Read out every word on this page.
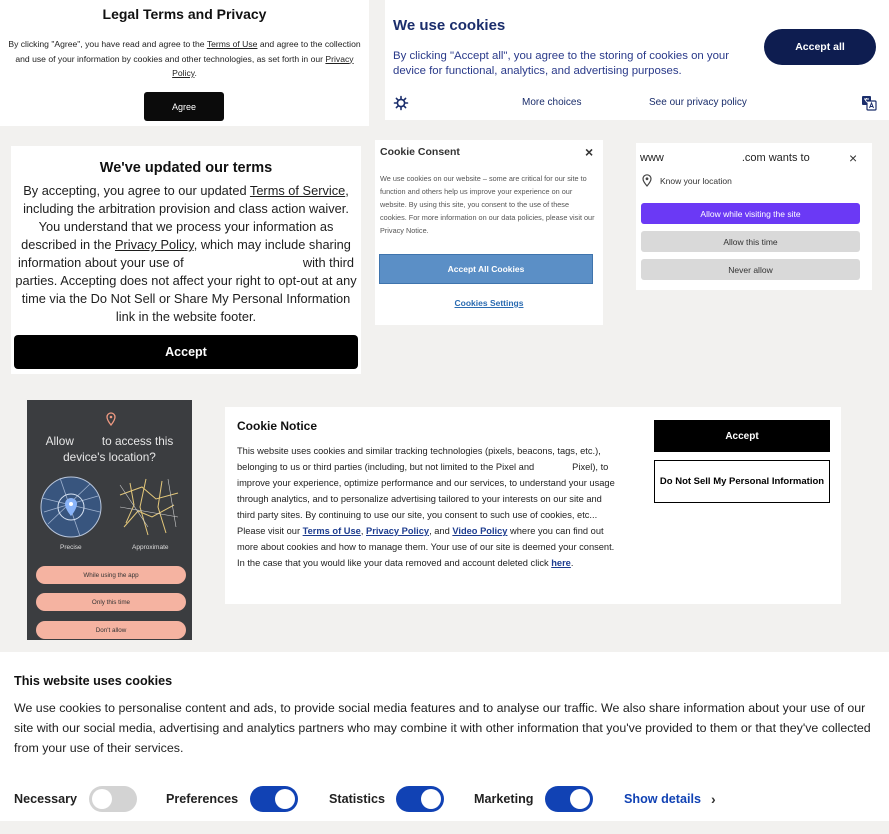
Legal Terms and Privacy
By clicking "Agree", you have read and agree to the Terms of Use and agree to the collection and use of your information by cookies and other technologies, as set forth in our Privacy Policy.
Agree
We use cookies
By clicking "Accept all", you agree to the storing of cookies on your device for functional, analytics, and advertising purposes.
Accept all
More choices	See our privacy policy
We've updated our terms
By accepting, you agree to our updated Terms of Service, including the arbitration provision and class action waiver. You understand that we process your information as described in the Privacy Policy, which may include sharing information about your use of	with third parties. Accepting does not affect your right to opt-out at any time via the Do Not Sell or Share My Personal Information link in the website footer.
Accept
Cookie Consent	×
We use cookies on our website – some are critical for our site to function and others help us improve your experience on our website. By using this site, you consent to the use of these cookies. For more information on our data policies, please visit our Privacy Notice.
Accept All Cookies
Cookies Settings
www	.com wants to	×
Know your location
Allow while visiting the site
Allow this time
Never allow
Allow to access this
device's location?
Precise	Approximate
While using the app
Only this time
Don't allow
Cookie Notice
This website uses cookies and similar tracking technologies (pixels, beacons, tags, etc.), belonging to us or third parties (including, but not limited to the Pixel and	Pixel), to improve your experience, optimize performance and our services, to understand your usage through analytics, and to personalize advertising tailored to your interests on our site and third party sites. By continuing to use our site, you consent to such use of cookies, etc... Please visit our Terms of Use, Privacy Policy, and Video Policy where you can find out more about cookies and how to manage them. Your use of our site is deemed your consent. In the case that you would like your data removed and account deleted click here.
Accept
Do Not Sell My Personal Information
This website uses cookies
We use cookies to personalise content and ads, to provide social media features and to analyse our traffic. We also share information about your use of our site with our social media, advertising and analytics partners who may combine it with other information that you've provided to them or that they've collected from your use of their services.
Necessary	Preferences	Statistics	Marketing	Show details ›
